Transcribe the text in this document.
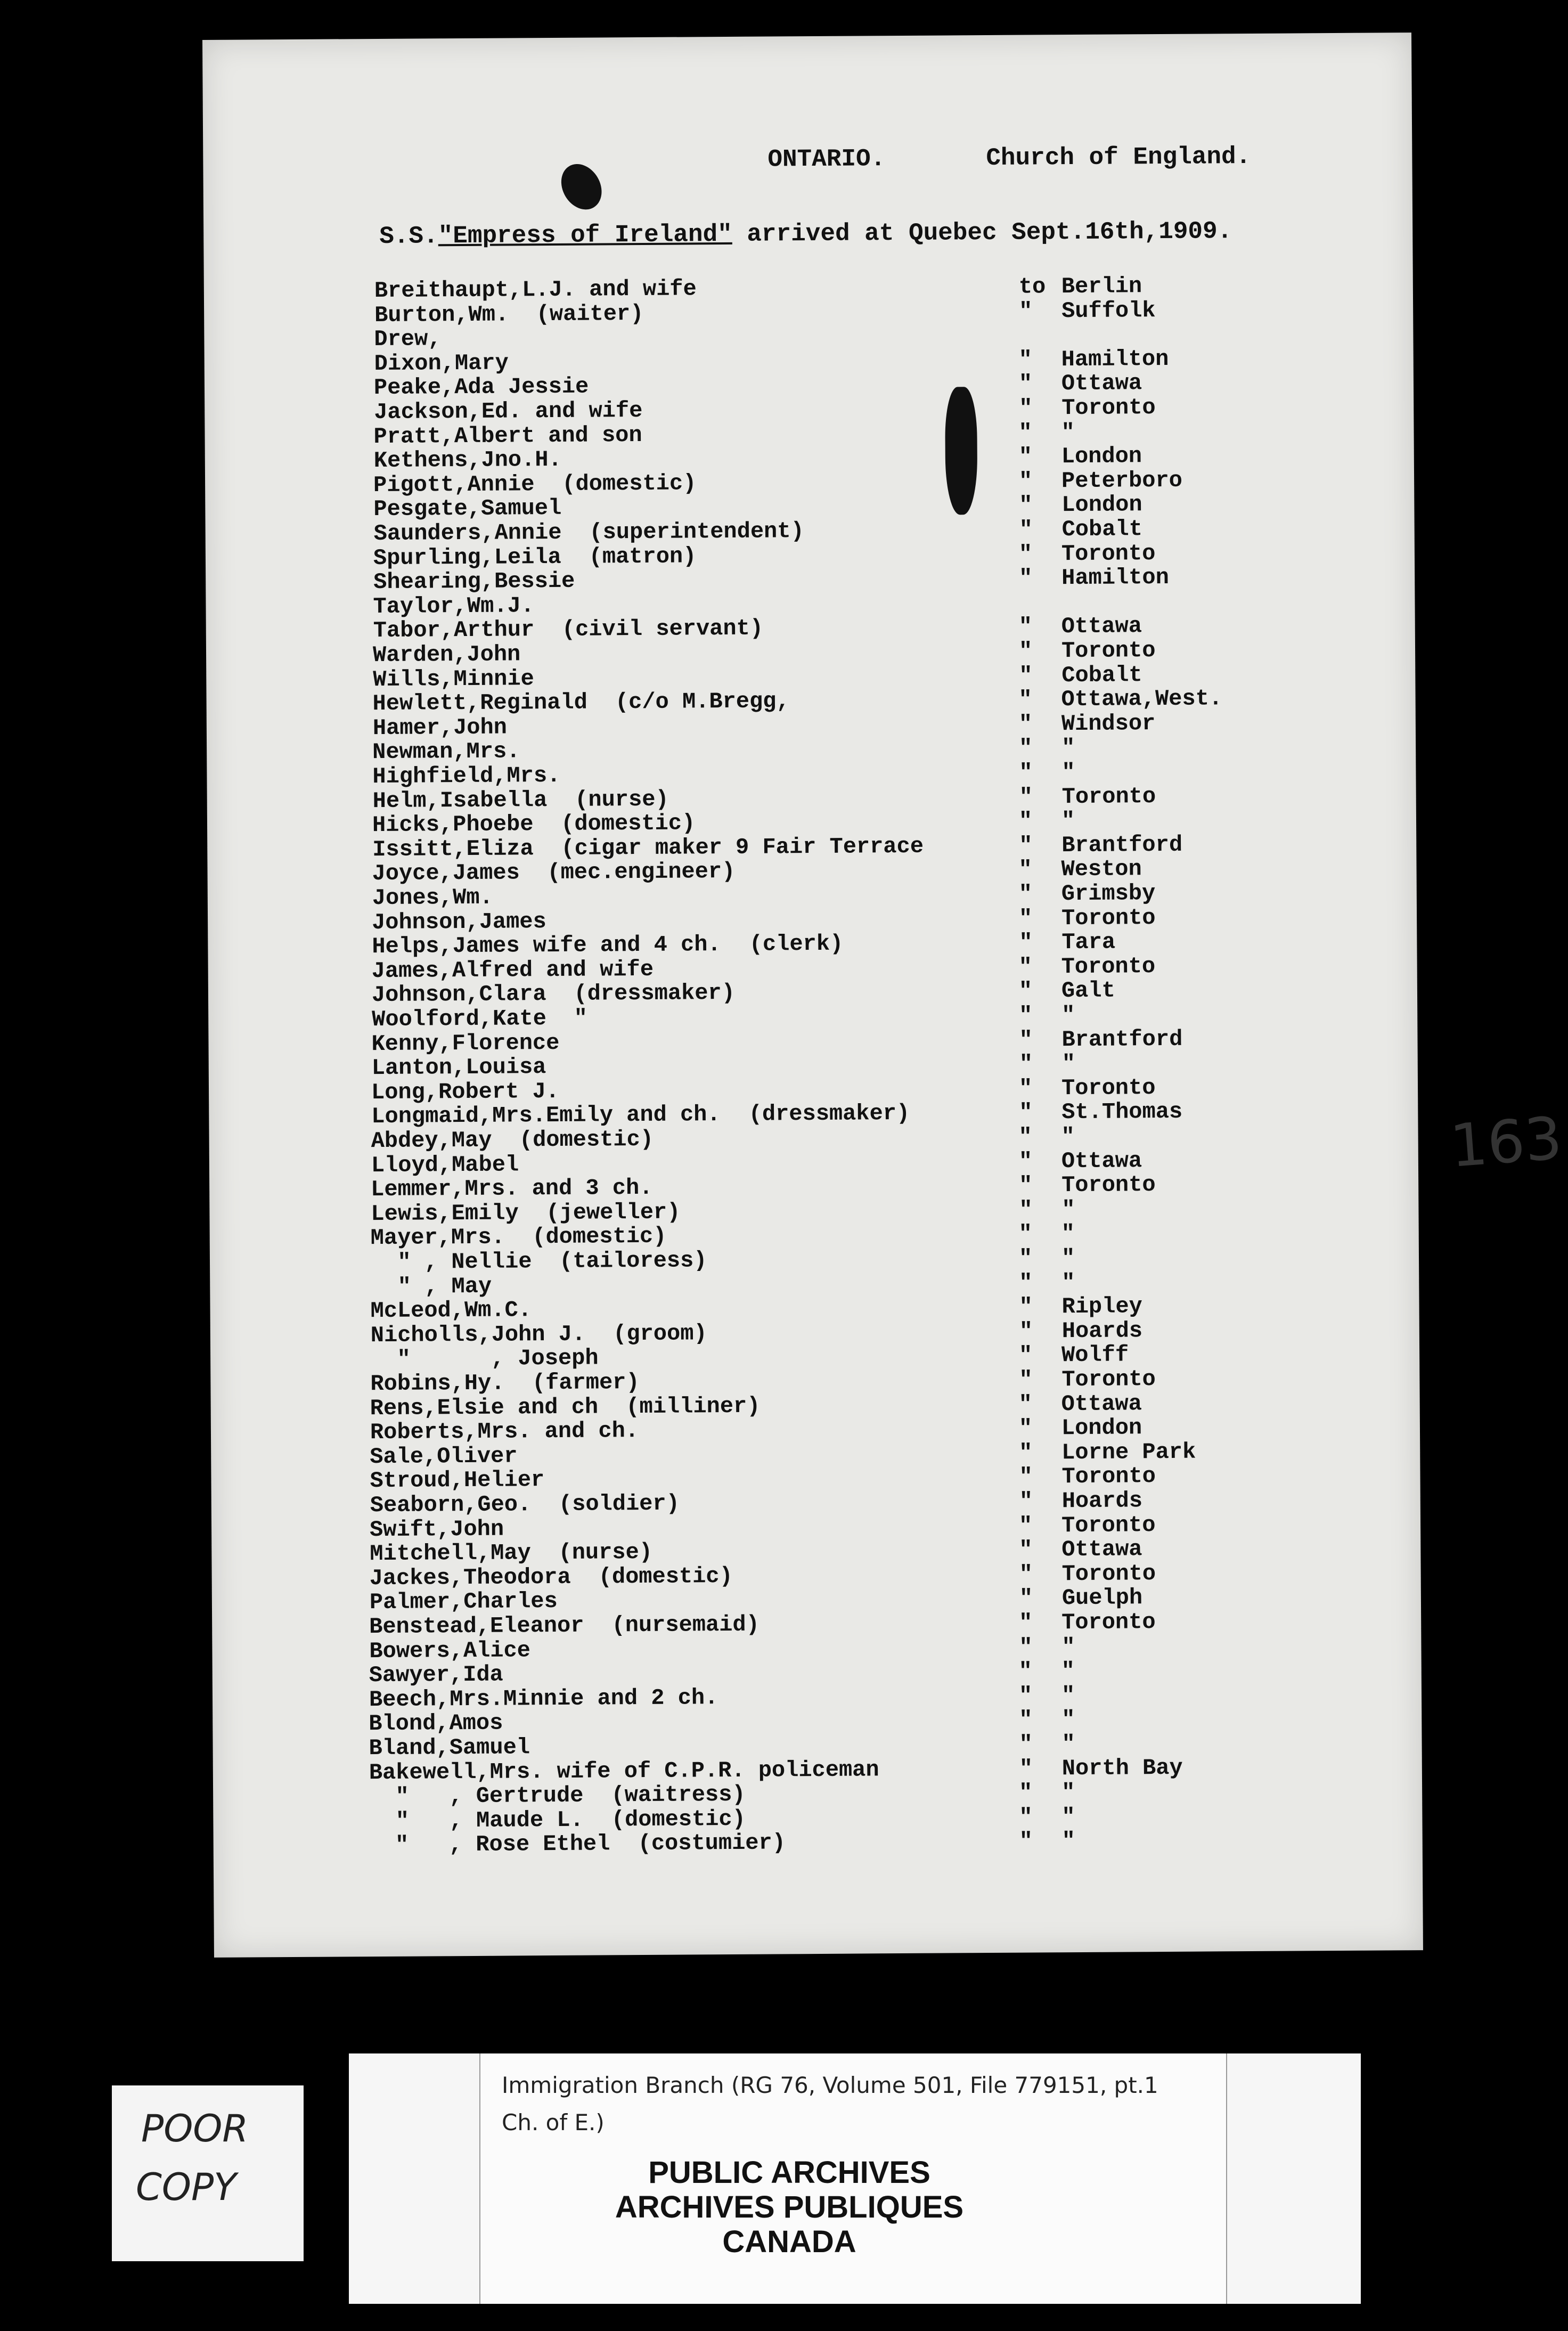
ONTARIO.	Church of England.
S.S."Empress of Ireland" arrived at Quebec Sept.16th,1909.
Breithaupt,L.J. and wife	to Berlin
Burton,Wm. (waiter)	" Suffolk
Drew,
Dixon,Mary	" Hamilton
Peake,Ada Jessie	" Ottawa
Jackson,Ed. and wife	" Toronto
Pratt,Albert and son	" "
Kethens,Jno.H.	" London
Pigott,Annie (domestic)	" Peterboro
Pesgate,Samuel	" London
Saunders,Annie (superintendent)	" Cobalt
Spurling,Leila (matron)	" Toronto
Shearing,Bessie	" Hamilton
Taylor,Wm.J.
Tabor,Arthur (civil servant)	" Ottawa
Warden,John	" Toronto
Wills,Minnie	" Cobalt
Hewlett,Reginald (c/o M.Bregg,	" Ottawa,West.
Hamer,John	" Windsor
Newman,Mrs.	" "
Highfield,Mrs.	" "
Helm,Isabella (nurse)	" Toronto
Hicks,Phoebe (domestic)	" "
Issitt,Eliza (cigar maker 9 Fair Terrace	" Brantford
Joyce,James (mec.engineer)	" Weston
Jones,Wm.	" Grimsby
Johnson,James	" Toronto
Helps,James wife and 4 ch. (clerk)	" Tara
James,Alfred and wife	" Toronto
Johnson,Clara (dressmaker)	" Galt
Woolford,Kate "	" "
Kenny,Florence	" Brantford
Lanton,Louisa	" "
Long,Robert J.	" Toronto
Longmaid,Mrs.Emily and ch. (dressmaker)	" St.Thomas
Abdey,May (domestic)	" "
Lloyd,Mabel	" Ottawa
Lemmer,Mrs. and 3 ch.	" Toronto
Lewis,Emily (jeweller)	" "
Mayer,Mrs. (domestic)	" "
" , Nellie (tailoress)	" "
" , May	" "
McLeod,Wm.C.	" Ripley
Nicholls,John J. (groom)	" Hoards
"      , Joseph	" Wolff
Robins,Hy. (farmer)	" Toronto
Rens,Elsie and ch (milliner)	" Ottawa
Roberts,Mrs. and ch.	" London
Sale,Oliver	" Lorne Park
Stroud,Helier	" Toronto
Seaborn,Geo. (soldier)	" Hoards
Swift,John	" Toronto
Mitchell,May (nurse)	" Ottawa
Jackes,Theodora (domestic)	" Toronto
Palmer,Charles	" Guelph
Benstead,Eleanor (nursemaid)	" Toronto
Bowers,Alice	" "
Sawyer,Ida	" "
Beech,Mrs.Minnie and 2 ch.	" "
Blond,Amos	" "
Bland,Samuel	" "
Bakewell,Mrs. wife of C.P.R. policeman	" North Bay
"   , Gertrude (waitress)	" "
"   , Maude L. (domestic)	" "
"   , Rose Ethel (costumier)	" "
163
POOR
COPY
Immigration Branch (RG 76, Volume 501, File 779151, pt.1
Ch. of E.)
PUBLIC ARCHIVES
ARCHIVES PUBLIQUES
CANADA
